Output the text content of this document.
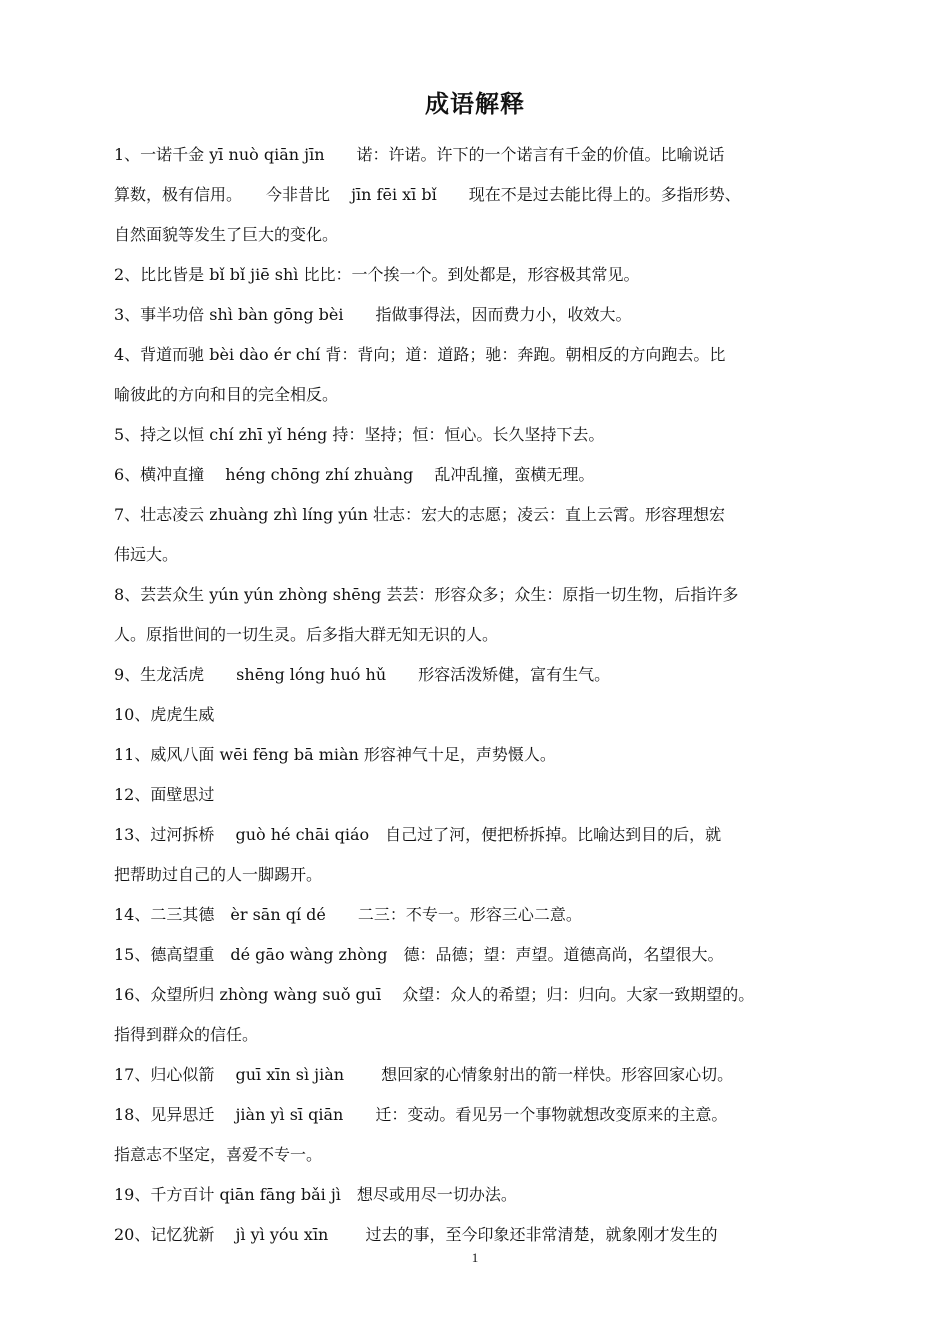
成语解释
1、一诺千金 yī nuò qiān jīn　　诺：许诺。许下的一个诺言有千金的价值。比喻说话
算数，极有信用。　　今非昔比　 jīn fēi xī bǐ　　现在不是过去能比得上的。多指形势、
自然面貌等发生了巨大的变化。
2、比比皆是 bǐ bǐ jiē shì 比比：一个挨一个。到处都是，形容极其常见。
3、事半功倍 shì bàn gōng bèi　　指做事得法，因而费力小，收效大。
4、背道而驰 bèi dào ér chí 背：背向；道：道路；驰：奔跑。朝相反的方向跑去。比
喻彼此的方向和目的完全相反。
5、持之以恒 chí zhī yǐ héng 持：坚持；恒：恒心。长久坚持下去。
6、横冲直撞　 héng chōng zhí zhuàng　 乱冲乱撞，蛮横无理。
7、壮志凌云 zhuàng zhì líng yún 壮志：宏大的志愿；凌云：直上云霄。形容理想宏
伟远大。
8、芸芸众生 yún yún zhòng shēng 芸芸：形容众多；众生：原指一切生物，后指许多
人。原指世间的一切生灵。后多指大群无知无识的人。
9、生龙活虎　　shēng lóng huó hǔ　　形容活泼矫健，富有生气。
10、虎虎生威
11、威风八面 wēi fēng bā miàn 形容神气十足，声势慑人。
12、面壁思过
13、过河拆桥　 guò hé chāi qiáo　自己过了河，便把桥拆掉。比喻达到目的后，就
把帮助过自己的人一脚踢开。
14、二三其德　èr sān qí dé　　二三：不专一。形容三心二意。
15、德高望重　dé gāo wàng zhòng　德：品德；望：声望。道德高尚，名望很大。
16、众望所归 zhòng wàng suǒ guī　 众望：众人的希望；归：归向。大家一致期望的。
指得到群众的信任。
17、归心似箭　 guī xīn sì jiàn　　 想回家的心情象射出的箭一样快。形容回家心切。
18、见异思迁　 jiàn yì sī qiān　　迁：变动。看见另一个事物就想改变原来的主意。
指意志不坚定，喜爱不专一。
19、千方百计 qiān fāng bǎi jì　想尽或用尽一切办法。
20、记忆犹新　 jì yì yóu xīn　　 过去的事，至今印象还非常清楚，就象刚才发生的
1
